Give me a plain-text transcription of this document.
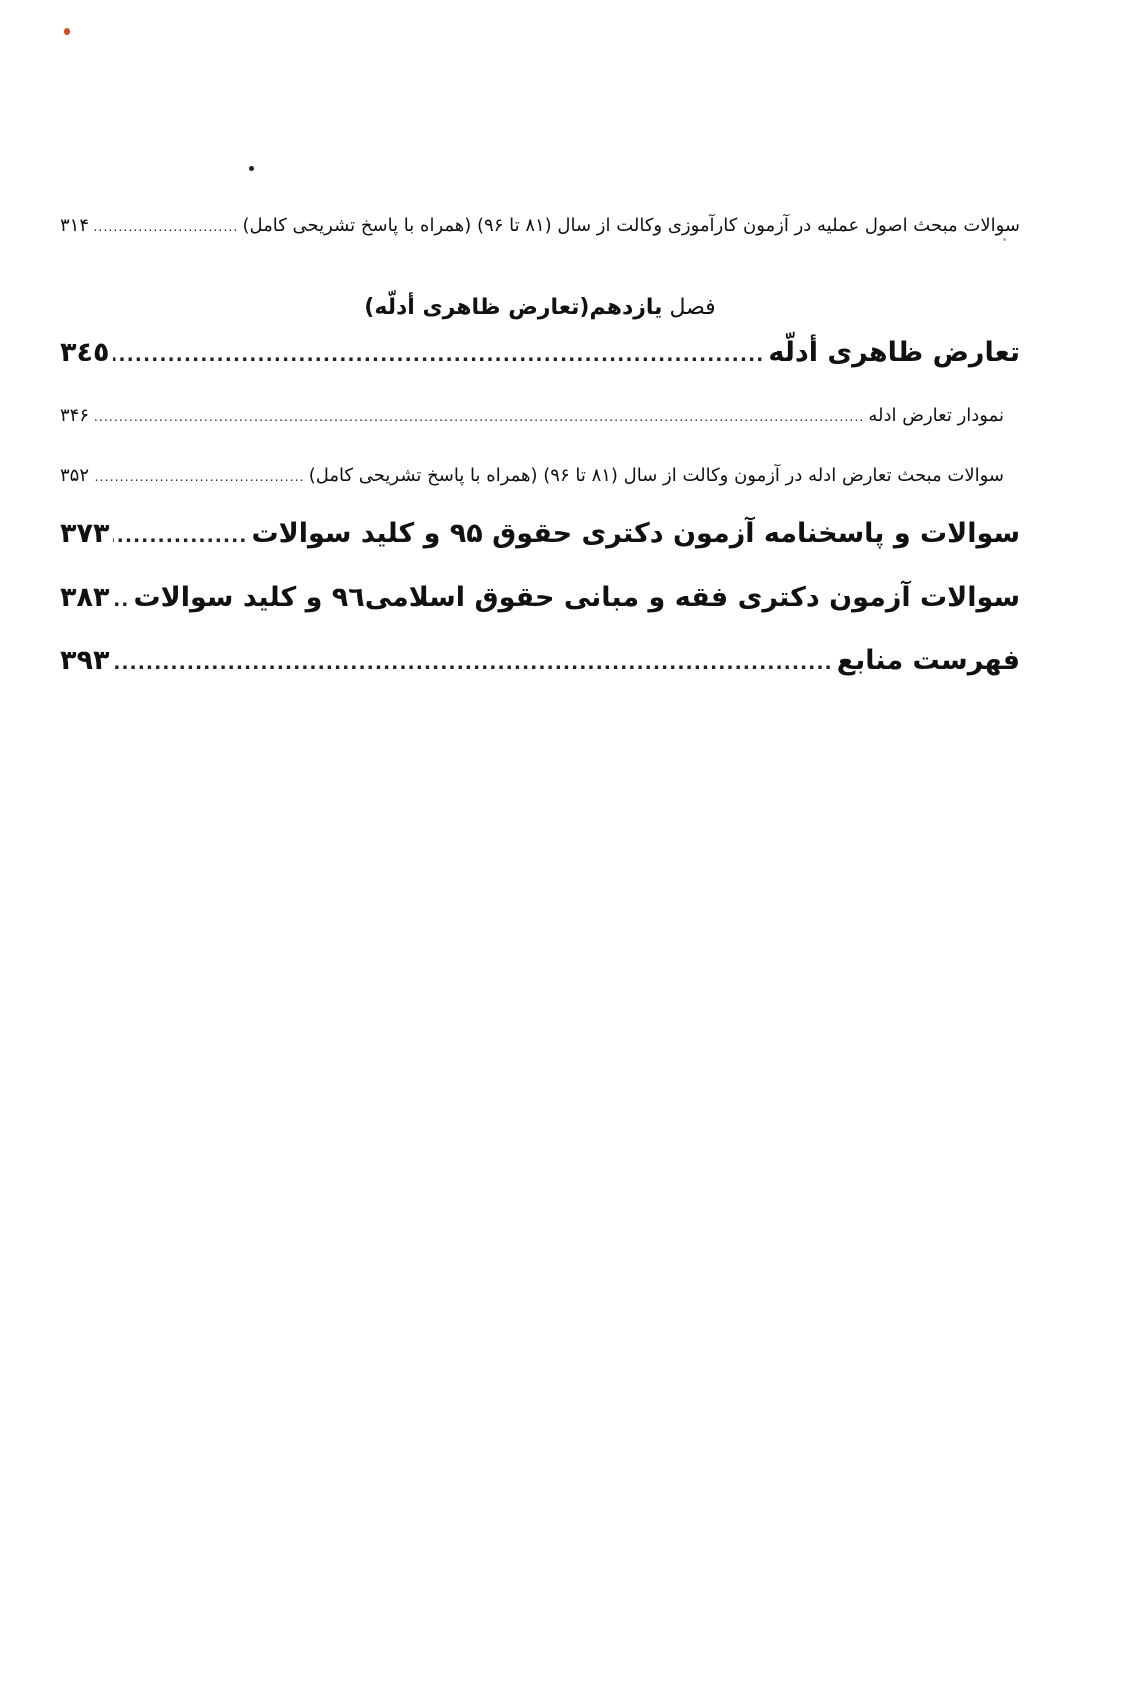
سوالات مبحث اصول عملیه در آزمون کارآموزی وکالت از سال (۸۱ تا ۹۶) (همراه با پاسخ تشریحی کامل)
.....
۳۱۴
فصل یازدهم(تعارض ظاهری أدلّه)
تعارض ظاهری أدلّه
.....
۳٤٥
نمودار تعارض ادله
.....
۳۴۶
سوالات مبحث تعارض ادله در آزمون وکالت از سال (۸۱ تا ۹۶) (همراه با پاسخ تشریحی کامل)
.....
۳۵۲
سوالات و پاسخنامه آزمون دکتری حقوق ۹۵ و کلید سوالات
.....
۳۷۳
سوالات آزمون دکتری فقه و مبانی حقوق اسلامی۹٦ و کلید سوالات
.....
۳۸۳
فهرست منابع
.....
۳۹۳
